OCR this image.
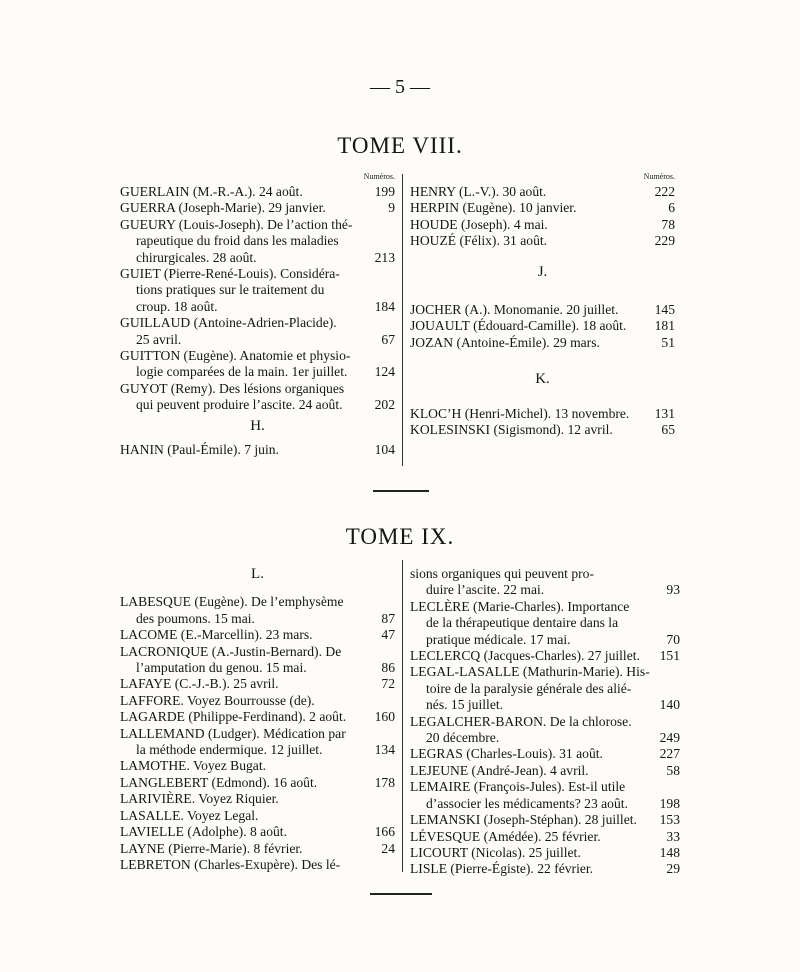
— 5 —
TOME VIII.
Numéros.
GUERLAIN (M.-R.-A.). 24 août.	199
GUERRA (Joseph-Marie). 29 janvier.	9
GUEURY (Louis-Joseph). De l’action thé-
rapeutique du froid dans les maladies
chirurgicales. 28 août.	213
GUIET (Pierre-René-Louis). Considéra-
tions pratiques sur le traitement du
croup. 18 août.	184
GUILLAUD (Antoine-Adrien-Placide).
25 avril.	67
GUITTON (Eugène). Anatomie et physio-
logie comparées de la main. 1er juillet.	124
GUYOT (Remy). Des lésions organiques
qui peuvent produire l’ascite. 24 août.	202
H.
HANIN (Paul-Émile). 7 juin.	104
Numéros.
HENRY (L.-V.). 30 août.	222
HERPIN (Eugène). 10 janvier.	6
HOUDE (Joseph). 4 mai.	78
HOUZÉ (Félix). 31 août.	229
J.
JOCHER (A.). Monomanie. 20 juillet.	145
JOUAULT (Édouard-Camille). 18 août.	181
JOZAN (Antoine-Émile). 29 mars.	51
K.
KLOC’H (Henri-Michel). 13 novembre.	131
KOLESINSKI (Sigismond). 12 avril.	65
TOME IX.
L.
LABESQUE (Eugène). De l’emphysème
des poumons. 15 mai.	87
LACOME (E.-Marcellin). 23 mars.	47
LACRONIQUE (A.-Justin-Bernard). De
l’amputation du genou. 15 mai.	86
LAFAYE (C.-J.-B.). 25 avril.	72
LAFFORE. Voyez Bourrousse (de).
LAGARDE (Philippe-Ferdinand). 2 août.	160
LALLEMAND (Ludger). Médication par
la méthode endermique. 12 juillet.	134
LAMOTHE. Voyez Bugat.
LANGLEBERT (Edmond). 16 août.	178
LARIVIÈRE. Voyez Riquier.
LASALLE. Voyez Legal.
LAVIELLE (Adolphe). 8 août.	166
LAYNE (Pierre-Marie). 8 février.	24
LEBRETON (Charles-Exupère). Des lé-
sions organiques qui peuvent pro-
duire l’ascite. 22 mai.	93
LECLÈRE (Marie-Charles). Importance
de la thérapeutique dentaire dans la
pratique médicale. 17 mai.	70
LECLERCQ (Jacques-Charles). 27 juillet.	151
LEGAL-LASALLE (Mathurin-Marie). His-
toire de la paralysie générale des alié-
nés. 15 juillet.	140
LEGALCHER-BARON. De la chlorose.
20 décembre.	249
LEGRAS (Charles-Louis). 31 août.	227
LEJEUNE (André-Jean). 4 avril.	58
LEMAIRE (François-Jules). Est-il utile
d’associer les médicaments? 23 août.	198
LEMANSKI (Joseph-Stéphan). 28 juillet.	153
LÉVESQUE (Amédée). 25 février.	33
LICOURT (Nicolas). 25 juillet.	148
LISLE (Pierre-Égiste). 22 février.	29
